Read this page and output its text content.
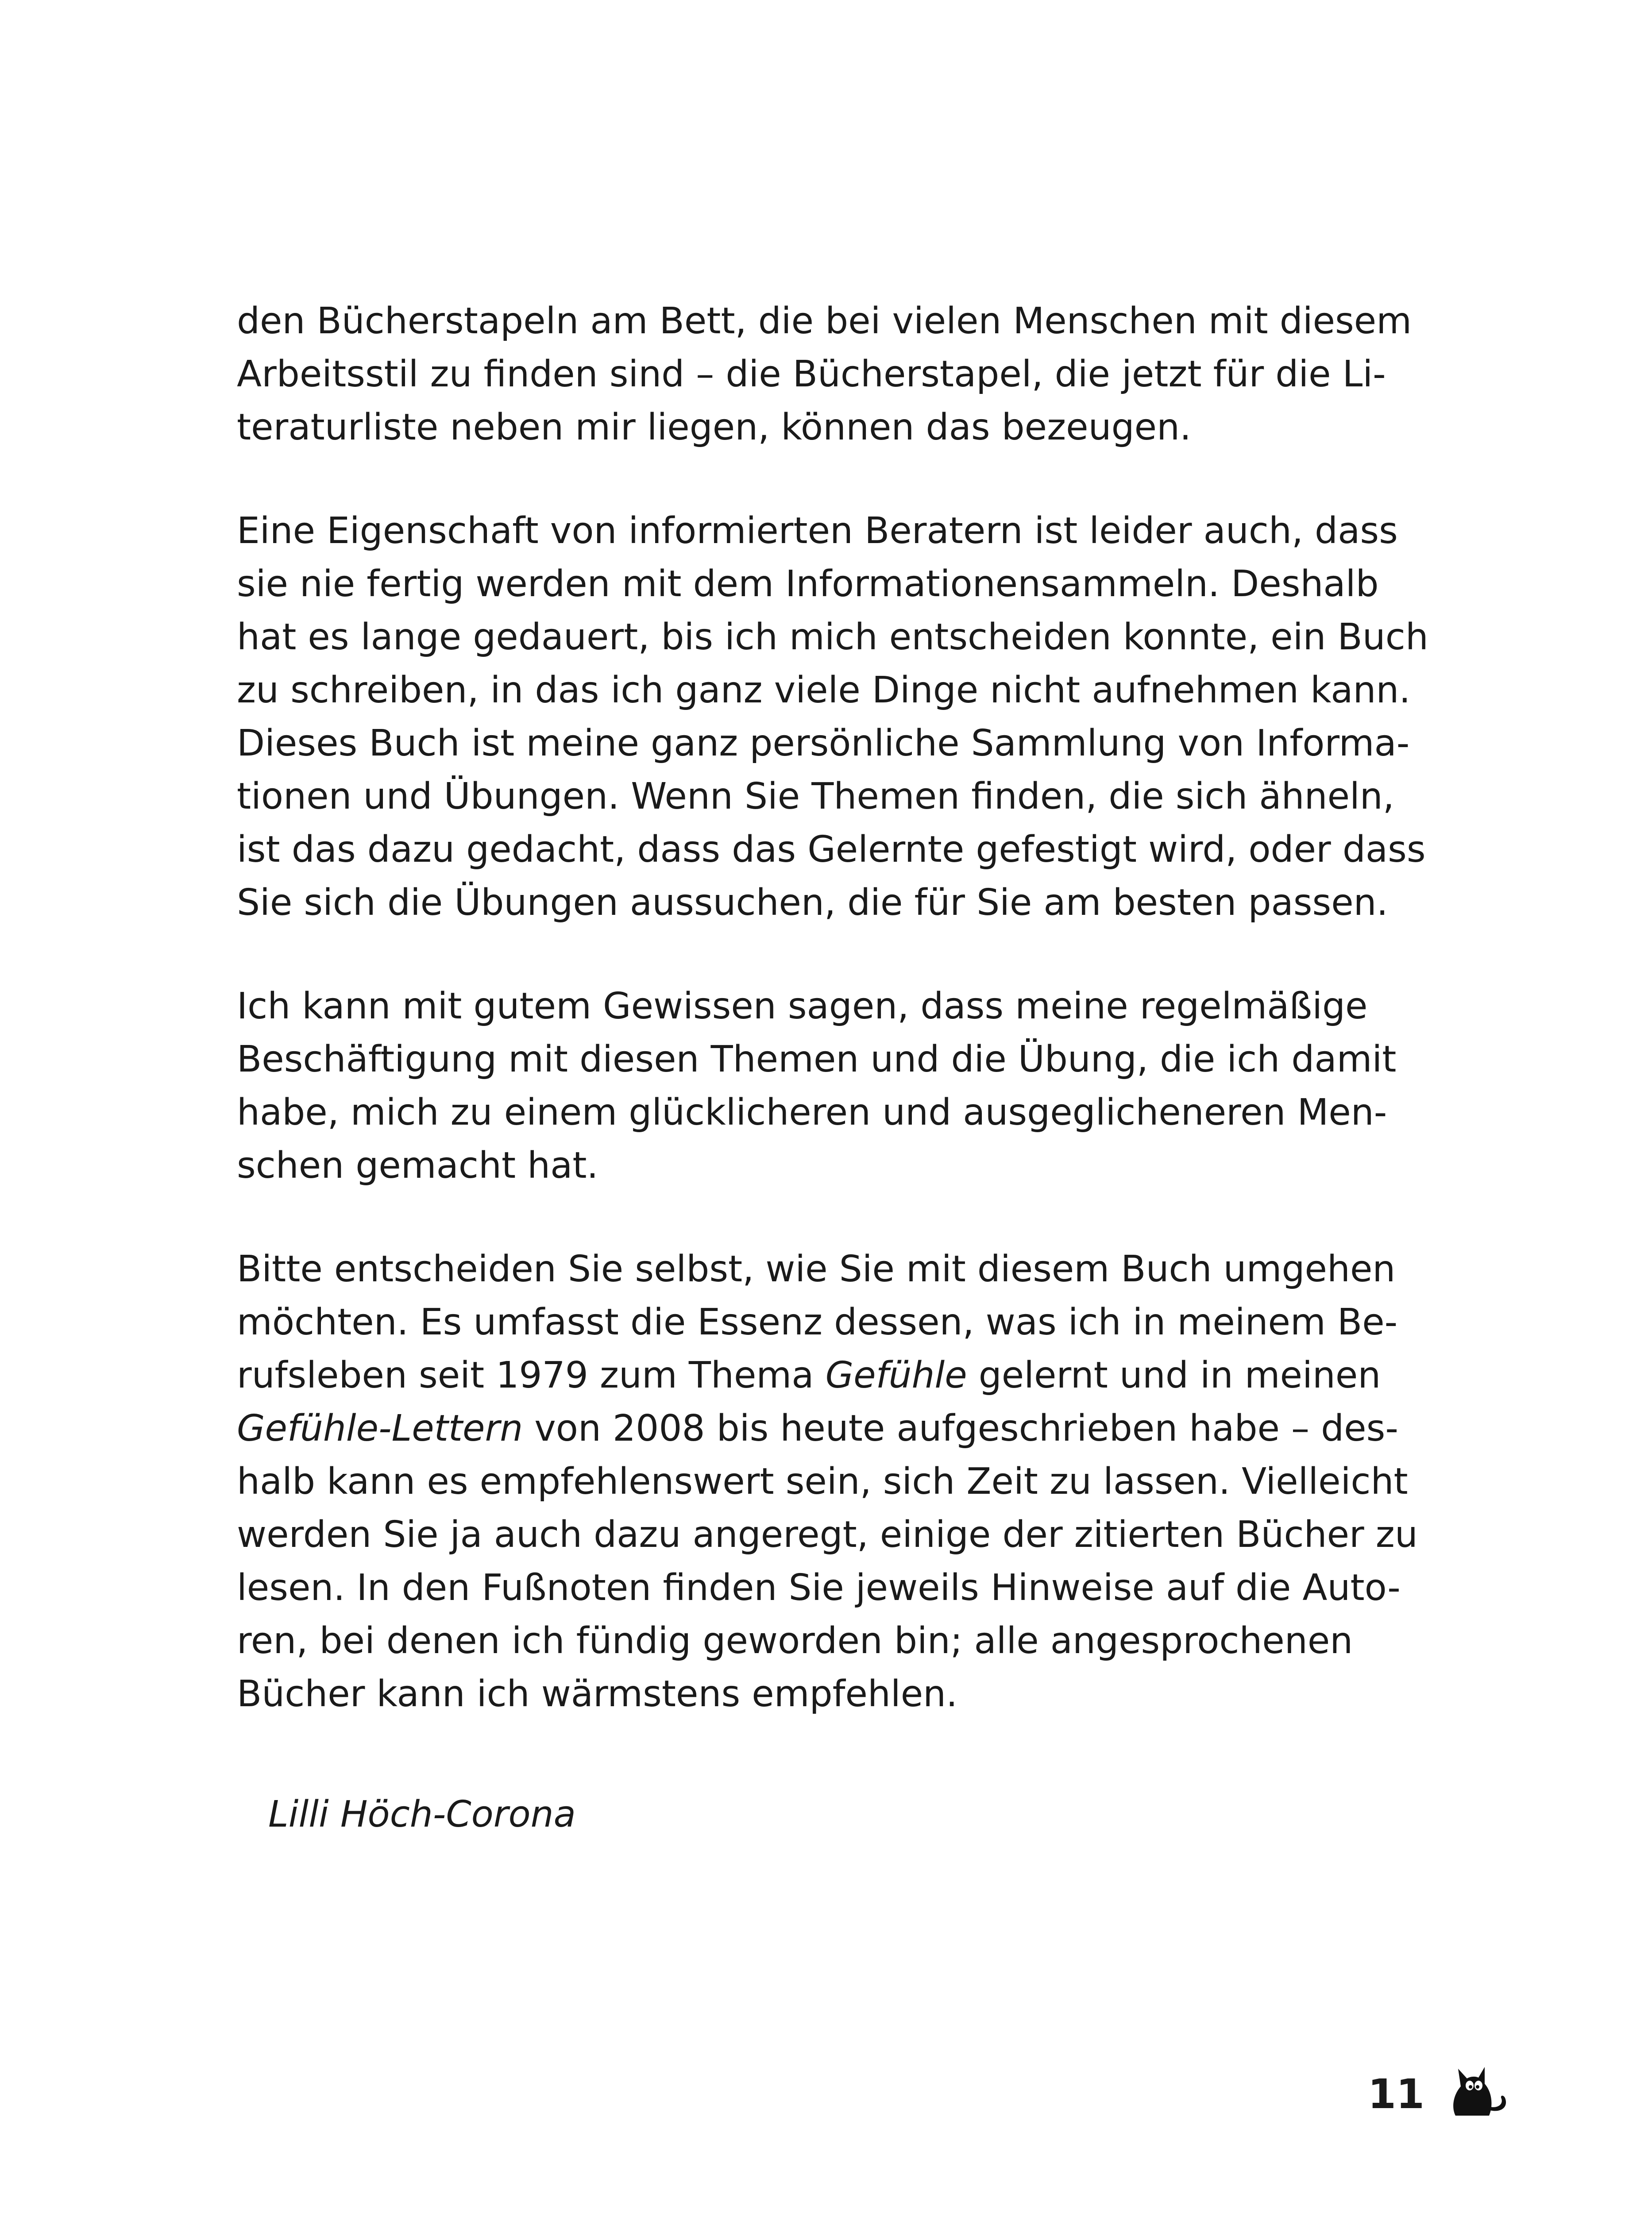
den Bücherstapeln am Bett, die bei vielen Menschen mit diesem
Arbeitsstil zu finden sind – die Bücherstapel, die jetzt für die Li-
teraturliste neben mir liegen, können das bezeugen.
Eine Eigenschaft von informierten Beratern ist leider auch, dass
sie nie fertig werden mit dem Informationensammeln. Deshalb
hat es lange gedauert, bis ich mich entscheiden konnte, ein Buch
zu schreiben, in das ich ganz viele Dinge nicht aufnehmen kann.
Dieses Buch ist meine ganz persönliche Sammlung von Informa-
tionen und Übungen. Wenn Sie Themen finden, die sich ähneln,
ist das dazu gedacht, dass das Gelernte gefestigt wird, oder dass
Sie sich die Übungen aussuchen, die für Sie am besten passen.
Ich kann mit gutem Gewissen sagen, dass meine regelmäßige
Beschäftigung mit diesen Themen und die Übung, die ich damit
habe, mich zu einem glücklicheren und ausgeglicheneren Men-
schen gemacht hat.
Bitte entscheiden Sie selbst, wie Sie mit diesem Buch umgehen
möchten. Es umfasst die Essenz dessen, was ich in meinem Be-
rufsleben seit 1979 zum Thema Gefühle gelernt und in meinen
Gefühle-Lettern von 2008 bis heute aufgeschrieben habe – des-
halb kann es empfehlenswert sein, sich Zeit zu lassen. Vielleicht
werden Sie ja auch dazu angeregt, einige der zitierten Bücher zu
lesen. In den Fußnoten finden Sie jeweils Hinweise auf die Auto-
ren, bei denen ich fündig geworden bin; alle angesprochenen
Bücher kann ich wärmstens empfehlen.
Lilli Höch-Corona
11
